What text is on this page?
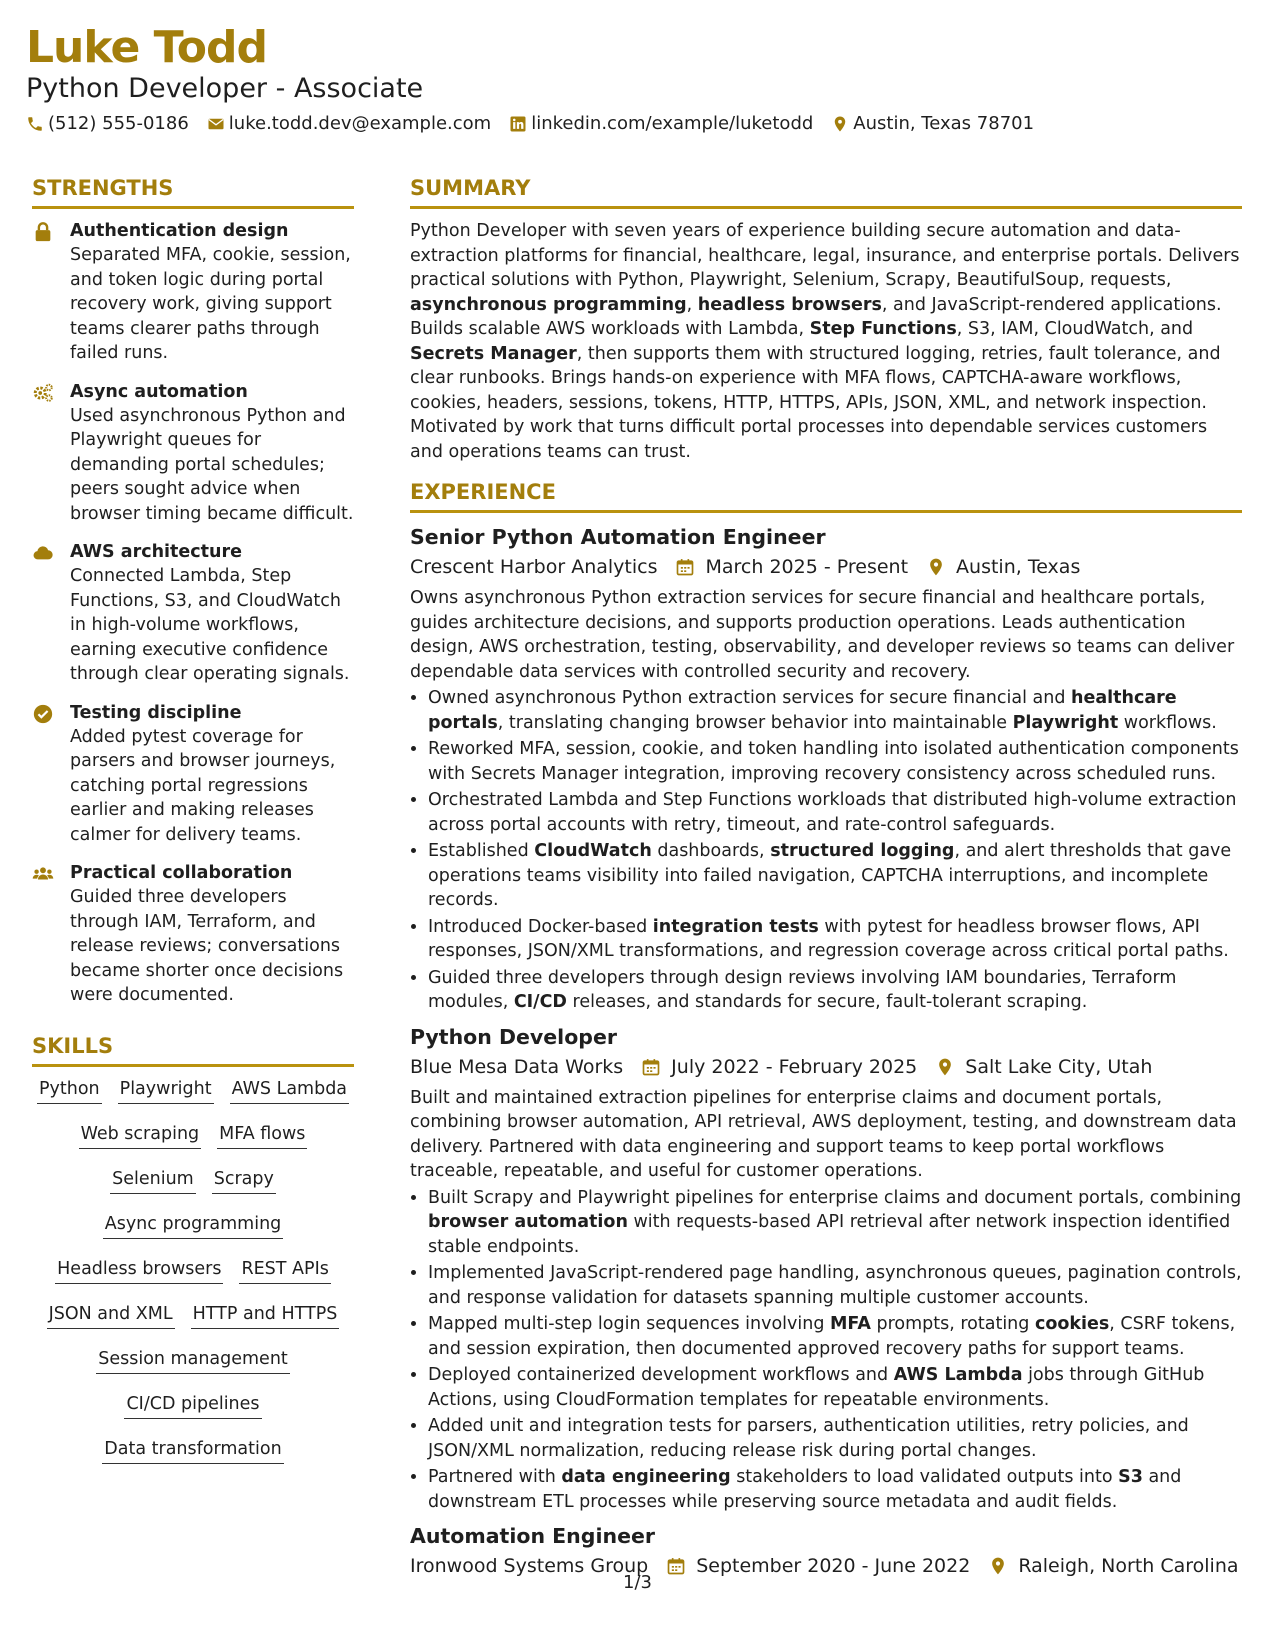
Luke Todd
Python Developer - Associate
(512) 555-0186 luke.todd.dev@example.com linkedin.com/example/luketodd Austin, Texas 78701
STRENGTHS
Authentication design
Separated MFA, cookie, session, and token logic during portal recovery work, giving support teams clearer paths through failed runs.
Async automation
Used asynchronous Python and Playwright queues for demanding portal schedules; peers sought advice when browser timing became difficult.
AWS architecture
Connected Lambda, Step Functions, S3, and CloudWatch in high-volume workflows, earning executive confidence through clear operating signals.
Testing discipline
Added pytest coverage for parsers and browser journeys, catching portal regressions earlier and making releases calmer for delivery teams.
Practical collaboration
Guided three developers through IAM, Terraform, and release reviews; conversations became shorter once decisions were documented.
SKILLS
Python Playwright AWS Lambda
Web scraping MFA flows
Selenium Scrapy
Async programming
Headless browsers REST APIs
JSON and XML HTTP and HTTPS
Session management
CI/CD pipelines
Data transformation
SUMMARY
Python Developer with seven years of experience building secure automation and data-extraction platforms for financial, healthcare, legal, insurance, and enterprise portals. Delivers practical solutions with Python, Playwright, Selenium, Scrapy, BeautifulSoup, requests, asynchronous programming, headless browsers, and JavaScript-rendered applications. Builds scalable AWS workloads with Lambda, Step Functions, S3, IAM, CloudWatch, and Secrets Manager, then supports them with structured logging, retries, fault tolerance, and clear runbooks. Brings hands-on experience with MFA flows, CAPTCHA-aware workflows, cookies, headers, sessions, tokens, HTTP, HTTPS, APIs, JSON, XML, and network inspection. Motivated by work that turns difficult portal processes into dependable services customers and operations teams can trust.
EXPERIENCE
Senior Python Automation Engineer
Crescent Harbor Analytics	March 2025 - Present	Austin, Texas
Owns asynchronous Python extraction services for secure financial and healthcare portals, guides architecture decisions, and supports production operations. Leads authentication design, AWS orchestration, testing, observability, and developer reviews so teams can deliver dependable data services with controlled security and recovery.
• Owned asynchronous Python extraction services for secure financial and healthcare portals, translating changing browser behavior into maintainable Playwright workflows.
• Reworked MFA, session, cookie, and token handling into isolated authentication components with Secrets Manager integration, improving recovery consistency across scheduled runs.
• Orchestrated Lambda and Step Functions workloads that distributed high-volume extraction across portal accounts with retry, timeout, and rate-control safeguards.
• Established CloudWatch dashboards, structured logging, and alert thresholds that gave operations teams visibility into failed navigation, CAPTCHA interruptions, and incomplete records.
• Introduced Docker-based integration tests with pytest for headless browser flows, API responses, JSON/XML transformations, and regression coverage across critical portal paths.
• Guided three developers through design reviews involving IAM boundaries, Terraform modules, CI/CD releases, and standards for secure, fault-tolerant scraping.
Python Developer
Blue Mesa Data Works	July 2022 - February 2025	Salt Lake City, Utah
Built and maintained extraction pipelines for enterprise claims and document portals, combining browser automation, API retrieval, AWS deployment, testing, and downstream data delivery. Partnered with data engineering and support teams to keep portal workflows traceable, repeatable, and useful for customer operations.
• Built Scrapy and Playwright pipelines for enterprise claims and document portals, combining browser automation with requests-based API retrieval after network inspection identified stable endpoints.
• Implemented JavaScript-rendered page handling, asynchronous queues, pagination controls, and response validation for datasets spanning multiple customer accounts.
• Mapped multi-step login sequences involving MFA prompts, rotating cookies, CSRF tokens, and session expiration, then documented approved recovery paths for support teams.
• Deployed containerized development workflows and AWS Lambda jobs through GitHub Actions, using CloudFormation templates for repeatable environments.
• Added unit and integration tests for parsers, authentication utilities, retry policies, and JSON/XML normalization, reducing release risk during portal changes.
• Partnered with data engineering stakeholders to load validated outputs into S3 and downstream ETL processes while preserving source metadata and audit fields.
Automation Engineer
Ironwood Systems Group	September 2020 - June 2022	Raleigh, North Carolina
1/3
